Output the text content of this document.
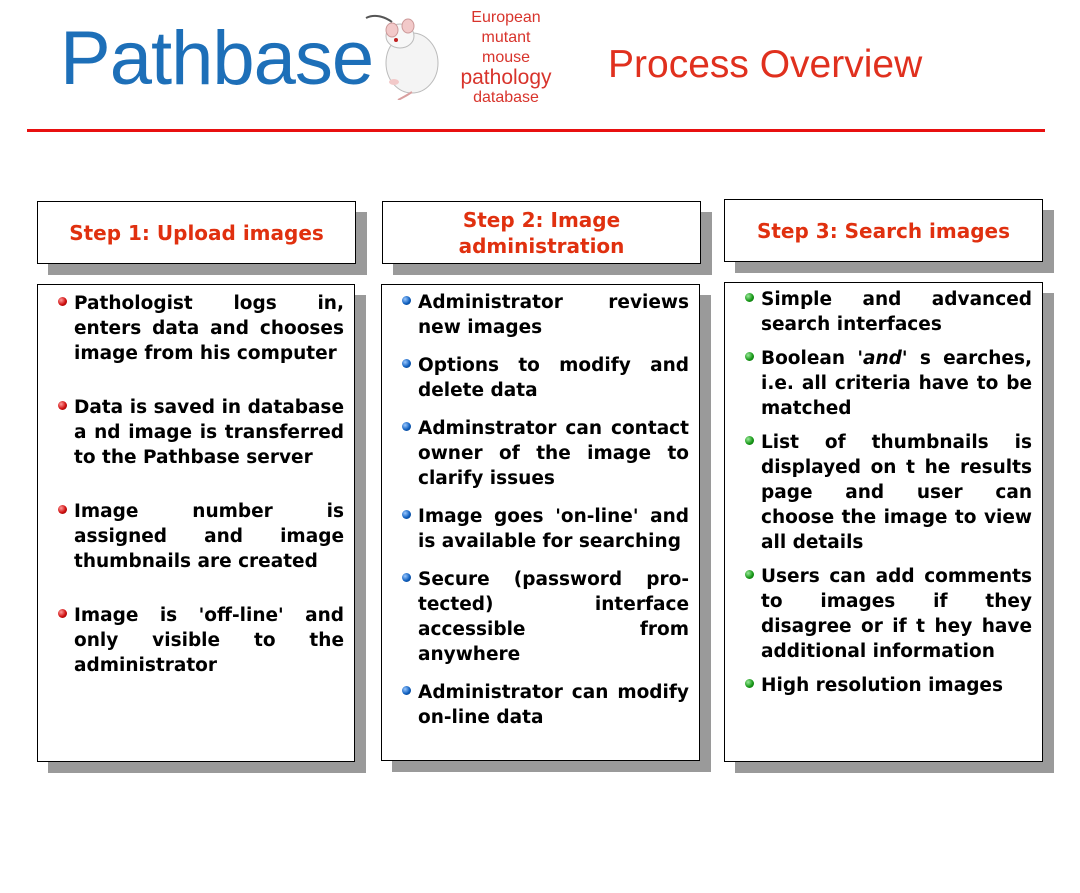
Pathbase	European
mutant
mouse
pathology
database
Process Overview
Step 1: Upload images
Step 2: Image administration
Step 3: Search images
Pathologist logs in, enters data and chooses image from his computer
Data is saved in database a nd image is transferred to the Pathbase server
Image number is assigned and image thumbnails are created
Image is 'off-line' and only visible to the administrator
Administrator reviews new images
Options to modify and delete data
Adminstrator can contact owner of the image to clarify issues
Image goes 'on-line' and is available for searching
Secure (password pro-tected) interface accessible from anywhere
Administrator can modify on-line data
Simple and advanced search interfaces
Boolean 'and' s earches, i.e. all criteria have to be matched
List of thumbnails is displayed on t he results page and user can choose the image to view all details
Users can add comments to images if they disagree or if t hey have additional information
High resolution images
